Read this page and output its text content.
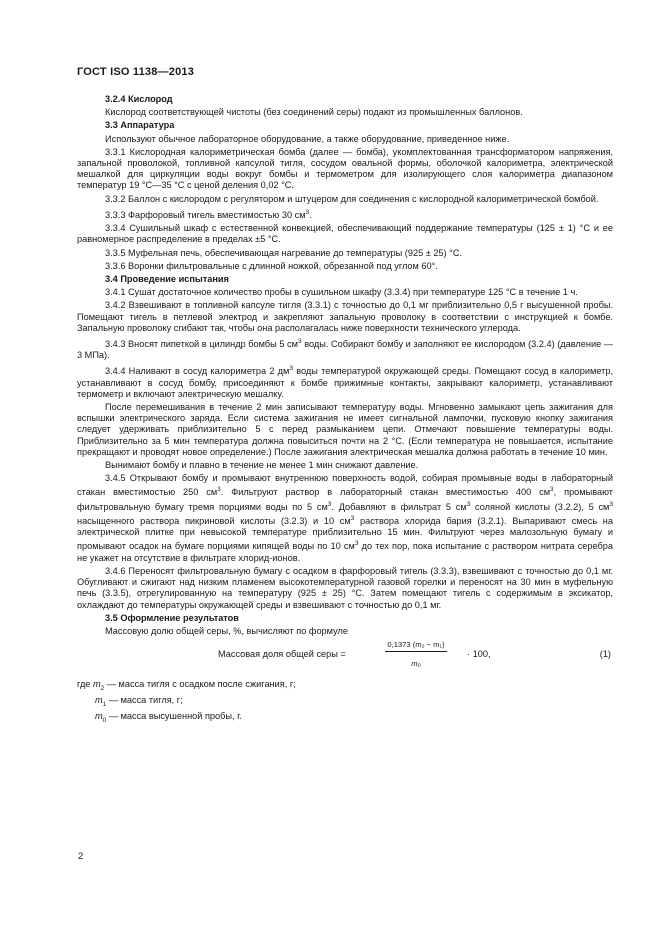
ГОСТ ISO 1138—2013
3.2.4 Кислород
Кислород соответствующей чистоты (без соединений серы) подают из промышленных баллонов.
3.3 Аппаратура
Используют обычное лабораторное оборудование, а также оборудование, приведенное ниже.
3.3.1 Кислородная калориметрическая бомба (далее — бомба), укомплектованная трансформатором напряжения, запальной проволокой, топливной капсулой тигля, сосудом овальной формы, оболочкой калориметра, электрической мешалкой для циркуляции воды вокруг бомбы и термометром для изолирующего слоя калориметра диапазоном температур 19 °С—35 °С с ценой деления 0,02 °С.
3.3.2 Баллон с кислородом с регулятором и штуцером для соединения с кислородной калориметрической бомбой.
3.3.3 Фарфоровый тигель вместимостью 30 $см^3$.
3.3.4 Сушильный шкаф с естественной конвекцией, обеспечивающий поддержание температуры (125 ± 1) °С и ее равномерное распределение в пределах ±5 °С.
3.3.5 Муфельная печь, обеспечивающая нагревание до температуры (925 ± 25) °С.
3.3.6 Воронки фильтровальные с длинной ножкой, обрезанной под углом 60°.
3.4 Проведение испытания
3.4.1 Сушат достаточное количество пробы в сушильном шкафу (3.3.4) при температуре 125 °С в течение 1 ч.
3.4.2 Взвешивают в топливной капсуле тигля (3.3.1) с точностью до 0,1 мг приблизительно 0,5 г высушенной пробы. Помещают тигель в петлевой электрод и закрепляют запальную проволоку в соответствии с инструкцией к бомбе. Запальную проволоку сгибают так, чтобы она располагалась ниже поверхности технического углерода.
3.4.3 Вносят пипеткой в цилиндр бомбы 5 $см^3$ воды. Собирают бомбу и заполняют ее кислородом (3.2.4) (давление — 3 МПа).
3.4.4 Наливают в сосуд калориметра 2 $дм^3$ воды температурой окружающей среды. Помещают сосуд в калориметр, устанавливают в сосуд бомбу, присоединяют к бомбе прижимные контакты, закрывают калориметр, устанавливают термометр и включают электрическую мешалку.
После перемешивания в течение 2 мин записывают температуру воды. Мгновенно замыкают цепь зажигания для вспышки электрического заряда. Если система зажигания не имеет сигнальной лампочки, пусковую кнопку зажигания следует удерживать приблизительно 5 с перед размыканием цепи. Отмечают повышение температуры воды. Приблизительно за 5 мин температура должна повыситься почти на 2 °С. (Если температура не повышается, испытание прекращают и проводят новое определение.) После зажигания электрическая мешалка должна работать в течение 10 мин.
Вынимают бомбу и плавно в течение не менее 1 мин снижают давление.
3.4.5 Открывают бомбу и промывают внутреннюю поверхность водой, собирая промывные воды в лабораторный стакан вместимостью 250 $см^3$. Фильтруют раствор в лабораторный стакан вместимостью 400 $см^3$, промывают фильтровальную бумагу тремя порциями воды по 5 $см^3$. Добавляют в фильтрат 5 $см^3$ соляной кислоты (3.2.2), 5 $см^3$ насыщенного раствора пикриновой кислоты (3.2.3) и 10 $см^3$ раствора хлорида бария (3.2.1). Выпаривают смесь на электрической плитке при невысокой температуре приблизительно 15 мин. Фильтруют через малозольную бумагу и промывают осадок на бумаге порциями кипящей воды по 10 $см^3$ до тех пор, пока испытание с раствором нитрата серебра не укажет на отсутствие в фильтрате хлорид-ионов.
3.4.6 Переносят фильтровальную бумагу с осадком в фарфоровый тигель (3.3.3), взвешивают с точностью до 0,1 мг. Обугливают и сжигают над низким пламенем высокотемпературной газовой горелки и переносят на 30 мин в муфельную печь (3.3.5), отрегулированную на температуру (925 ± 25) °С. Затем помещают тигель с содержимым в эксикатор, охлаждают до температуры окружающей среды и взвешивают с точностью до 0,1 мг.
3.5 Оформление результатов
Массовую долю общей серы, %, вычисляют по формуле
Массовая доля общей серы =	$\frac{\text{0,1373 (m₂ − m₁)}}{\text{m₀}} \cdot 100$,	(1)
где $m_2$ — масса тигля с осадком после сжигания, г;
$m_1$ — масса тигля, г;
$m_0$ — масса высушенной пробы, г.
2
